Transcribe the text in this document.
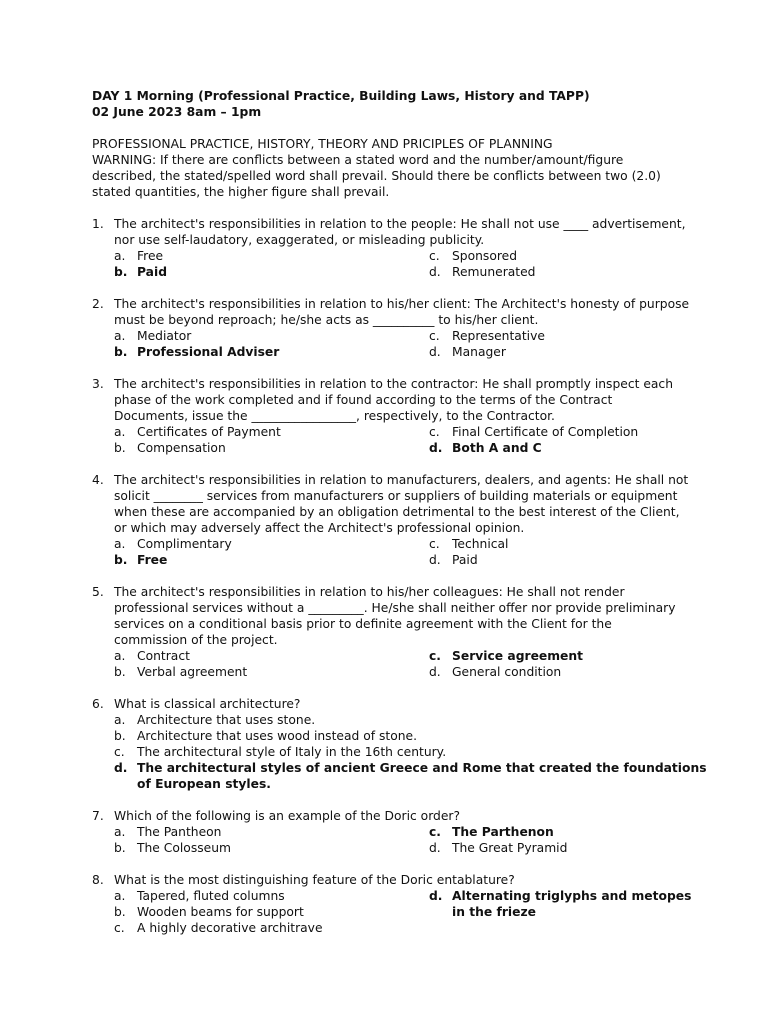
DAY 1 Morning (Professional Practice, Building Laws, History and TAPP)
02 June 2023 8am – 1pm
PROFESSIONAL PRACTICE, HISTORY, THEORY AND PRICIPLES OF PLANNING
WARNING: If there are conflicts between a stated word and the number/amount/figure
described, the stated/spelled word shall prevail. Should there be conflicts between two (2.0)
stated quantities, the higher figure shall prevail.
1. The architect's responsibilities in relation to the people: He shall not use ____ advertisement,
nor use self-laudatory, exaggerated, or misleading publicity.
a. Free
b. Paid
c. Sponsored
d. Remunerated
2. The architect's responsibilities in relation to his/her client: The Architect's honesty of purpose
must be beyond reproach; he/she acts as __________ to his/her client.
a. Mediator
b. Professional Adviser
c. Representative
d. Manager
3. The architect's responsibilities in relation to the contractor: He shall promptly inspect each
phase of the work completed and if found according to the terms of the Contract
Documents, issue the _________________, respectively, to the Contractor.
a. Certificates of Payment
b. Compensation
c. Final Certificate of Completion
d. Both A and C
4. The architect's responsibilities in relation to manufacturers, dealers, and agents: He shall not
solicit ________ services from manufacturers or suppliers of building materials or equipment
when these are accompanied by an obligation detrimental to the best interest of the Client,
or which may adversely affect the Architect's professional opinion.
a. Complimentary
b. Free
c. Technical
d. Paid
5. The architect's responsibilities in relation to his/her colleagues: He shall not render
professional services without a _________. He/she shall neither offer nor provide preliminary
services on a conditional basis prior to definite agreement with the Client for the
commission of the project.
a. Contract
b. Verbal agreement
c. Service agreement
d. General condition
6. What is classical architecture?
a. Architecture that uses stone.
b. Architecture that uses wood instead of stone.
c. The architectural style of Italy in the 16th century.
d. The architectural styles of ancient Greece and Rome that created the foundations
of European styles.
7. Which of the following is an example of the Doric order?
a. The Pantheon
b. The Colosseum
c. The Parthenon
d. The Great Pyramid
8. What is the most distinguishing feature of the Doric entablature?
a. Tapered, fluted columns
b. Wooden beams for support
c. A highly decorative architrave
d. Alternating triglyphs and metopes
in the frieze
